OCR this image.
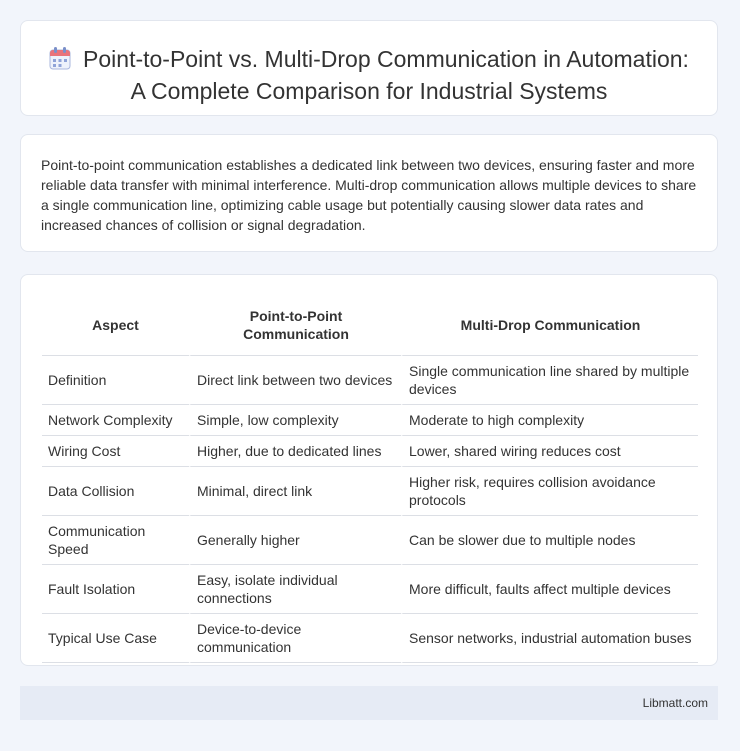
Point-to-Point vs. Multi-Drop Communication in Automation: A Complete Comparison for Industrial Systems

Point-to-point communication establishes a dedicated link between two devices, ensuring faster and more reliable data transfer with minimal interference. Multi-drop communication allows multiple devices to share a single communication line, optimizing cable usage but potentially causing slower data rates and increased chances of collision or signal degradation.

Aspect	Point-to-Point Communication	Multi-Drop Communication
Definition	Direct link between two devices	Single communication line shared by multiple devices
Network Complexity	Simple, low complexity	Moderate to high complexity
Wiring Cost	Higher, due to dedicated lines	Lower, shared wiring reduces cost
Data Collision	Minimal, direct link	Higher risk, requires collision avoidance protocols
Communication Speed	Generally higher	Can be slower due to multiple nodes
Fault Isolation	Easy, isolate individual connections	More difficult, faults affect multiple devices
Typical Use Case	Device-to-device communication	Sensor networks, industrial automation buses
Libmatt.com
